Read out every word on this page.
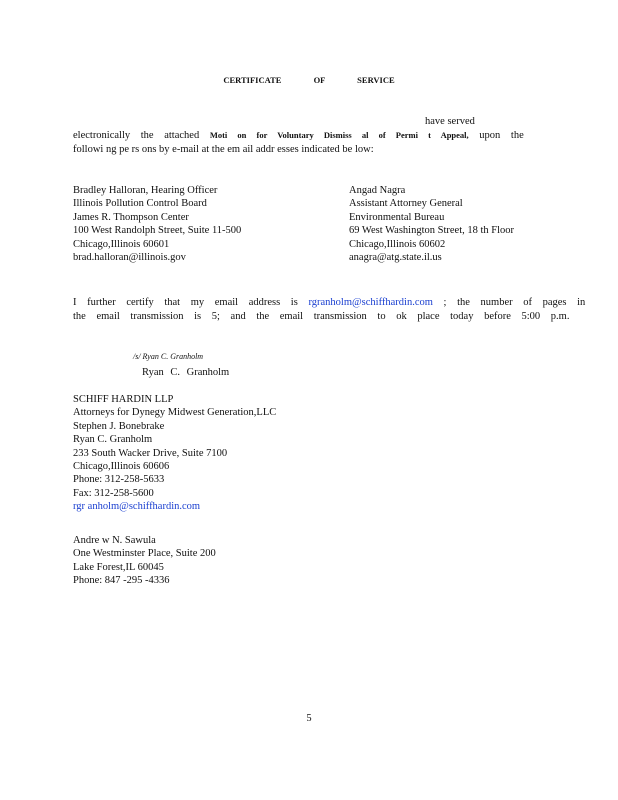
CERTIFICATE OF SERVICE
have served
electronically the attached Moti on for Voluntary Dismiss al of Permi t Appeal, upon the
followi ng pe rs ons by e-mail at the em ail addr esses indicated be low:
Bradley Halloran, Hearing Officer
Illinois Pollution Control Board
James R. Thompson Center
100 West Randolph Street, Suite 11-500
Chicago,Illinois 60601
brad.halloran@illinois.gov
Angad Nagra
Assistant Attorney General
Environmental Bureau
69 West Washington Street, 18 th Floor
Chicago,Illinois 60602
anagra@atg.state.il.us
I further certify that my email address is rgranholm@schiffhardin.com ; the number of pages in
the email transmission is 5; and the email transmission to ok place today before 5:00 p.m.
/s/ Ryan C. Granholm
Ryan C. Granholm
SCHIFF HARDIN LLP
Attorneys for Dynegy Midwest Generation,LLC
Stephen J. Bonebrake
Ryan C. Granholm
233 South Wacker Drive, Suite 7100
Chicago,Illinois 60606
Phone: 312-258-5633
Fax: 312-258-5600
rgr anholm@schiffhardin.com
Andre w N. Sawula
One Westminster Place, Suite 200
Lake Forest,IL 60045
Phone: 847 -295 -4336
5
